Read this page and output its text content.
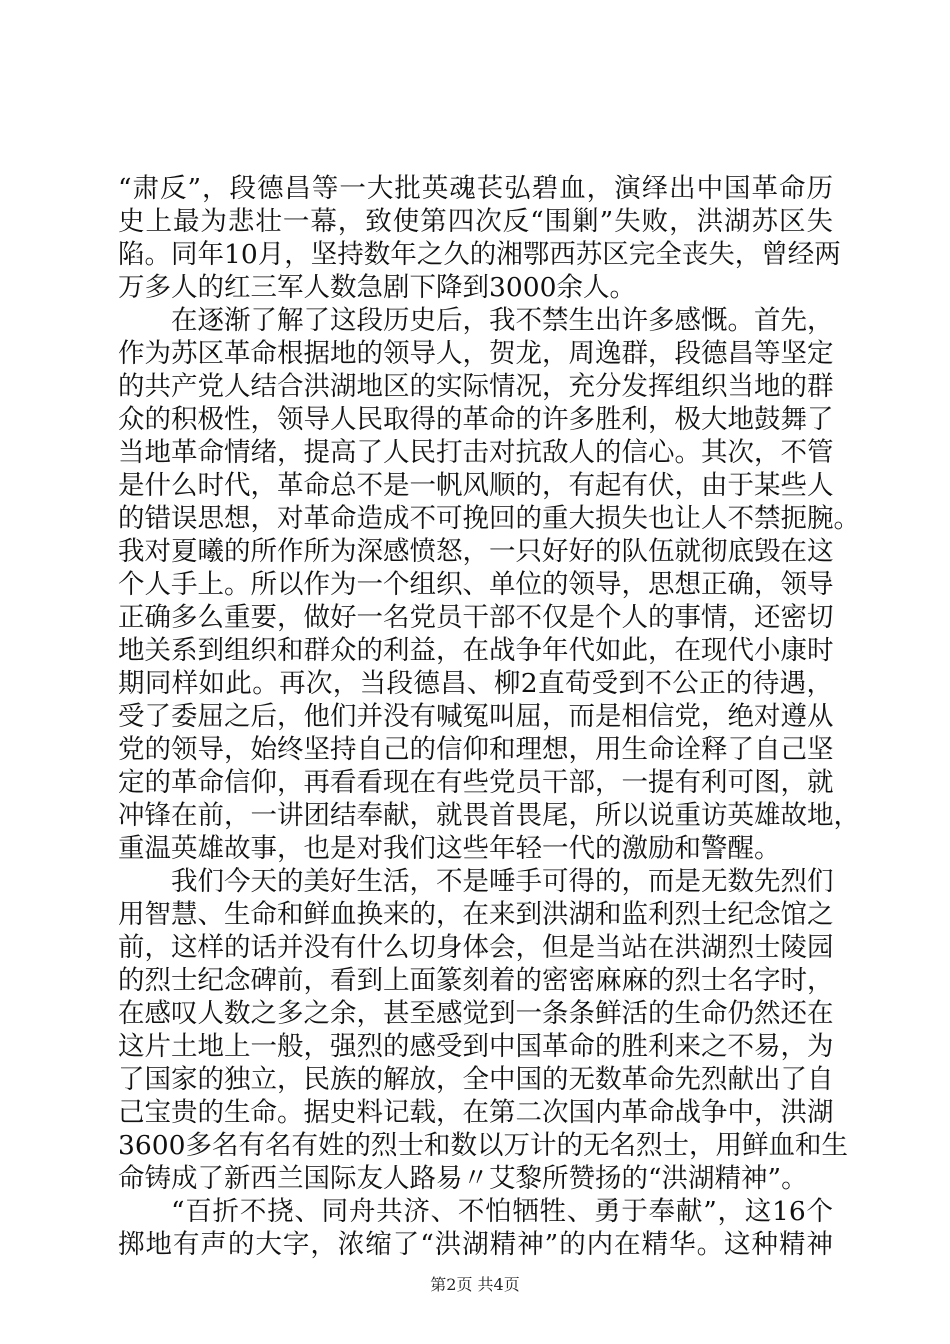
“肃反”，段德昌等一大批英魂苌弘碧血，演绎出中国革命历
史上最为悲壮一幕，致使第四次反“围剿”失败，洪湖苏区失
陷。同年10月，坚持数年之久的湘鄂西苏区完全丧失，曾经两
万多人的红三军人数急剧下降到3000余人。
在逐渐了解了这段历史后，我不禁生出许多感慨。首先，
作为苏区革命根据地的领导人，贺龙，周逸群，段德昌等坚定
的共产党人结合洪湖地区的实际情况，充分发挥组织当地的群
众的积极性，领导人民取得的革命的许多胜利，极大地鼓舞了
当地革命情绪，提高了人民打击对抗敌人的信心。其次，不管
是什么时代，革命总不是一帆风顺的，有起有伏，由于某些人
的错误思想，对革命造成不可挽回的重大损失也让人不禁扼腕。
我对夏曦的所作所为深感愤怒，一只好好的队伍就彻底毁在这
个人手上。所以作为一个组织、单位的领导，思想正确，领导
正确多么重要，做好一名党员干部不仅是个人的事情，还密切
地关系到组织和群众的利益，在战争年代如此，在现代小康时
期同样如此。再次，当段德昌、柳2直荀受到不公正的待遇，
受了委屈之后，他们并没有喊冤叫屈，而是相信党，绝对遵从
党的领导，始终坚持自己的信仰和理想，用生命诠释了自己坚
定的革命信仰，再看看现在有些党员干部，一提有利可图，就
冲锋在前，一讲团结奉献，就畏首畏尾，所以说重访英雄故地，
重温英雄故事，也是对我们这些年轻一代的激励和警醒。
我们今天的美好生活，不是唾手可得的，而是无数先烈们
用智慧、生命和鲜血换来的，在来到洪湖和监利烈士纪念馆之
前，这样的话并没有什么切身体会，但是当站在洪湖烈士陵园
的烈士纪念碑前，看到上面篆刻着的密密麻麻的烈士名字时，
在感叹人数之多之余，甚至感觉到一条条鲜活的生命仍然还在
这片土地上一般，强烈的感受到中国革命的胜利来之不易，为
了国家的独立，民族的解放，全中国的无数革命先烈献出了自
己宝贵的生命。据史料记载，在第二次国内革命战争中，洪湖
3600多名有名有姓的烈士和数以万计的无名烈士，用鲜血和生
命铸成了新西兰国际友人路易〃艾黎所赞扬的“洪湖精神”。
“百折不挠、同舟共济、不怕牺牲、勇于奉献”，这16个
掷地有声的大字，浓缩了“洪湖精神”的内在精华。这种精神
第2页 共4页
